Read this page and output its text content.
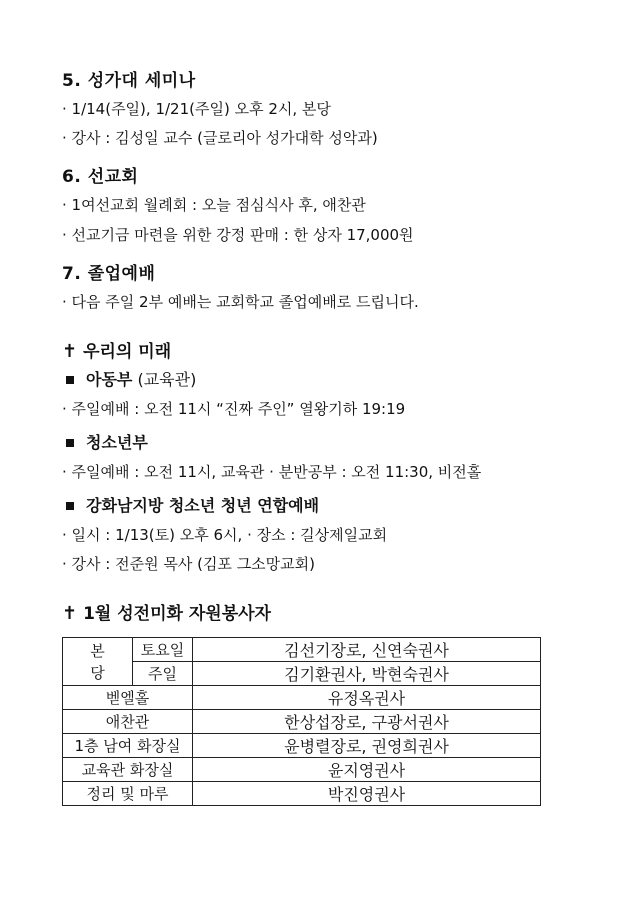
5. 성가대 세미나
· 1/14(주일), 1/21(주일) 오후 2시, 본당
· 강사 : 김성일 교수 (글로리아 성가대학 성악과)
6. 선교회
· 1여선교회 월례회 : 오늘 점심식사 후, 애찬관
· 선교기금 마련을 위한 강정 판매 : 한 상자 17,000원
7. 졸업예배
· 다음 주일 2부 예배는 교회학교 졸업예배로 드립니다.
✝ 우리의 미래
아동부 (교육관)
· 주일예배 : 오전 11시 “진짜 주인” 열왕기하 19:19
청소년부
· 주일예배 : 오전 11시, 교육관 · 분반공부 : 오전 11:30, 비전홀
강화남지방 청소년 청년 연합예배
· 일시 : 1/13(토) 오후 6시, · 장소 : 길상제일교회
· 강사 : 전준원 목사 (김포 그소망교회)
✝ 1월 성전미화 자원봉사자
본
당	토요일	김선기장로, 신연숙권사
	주일	김기환권사, 박현숙권사
벧엘홀		유정옥권사
애찬관		한상섭장로, 구광서권사
1층 남여 화장실		윤병렬장로, 권영희권사
교육관 화장실		윤지영권사
정리 및 마루		박진영권사
